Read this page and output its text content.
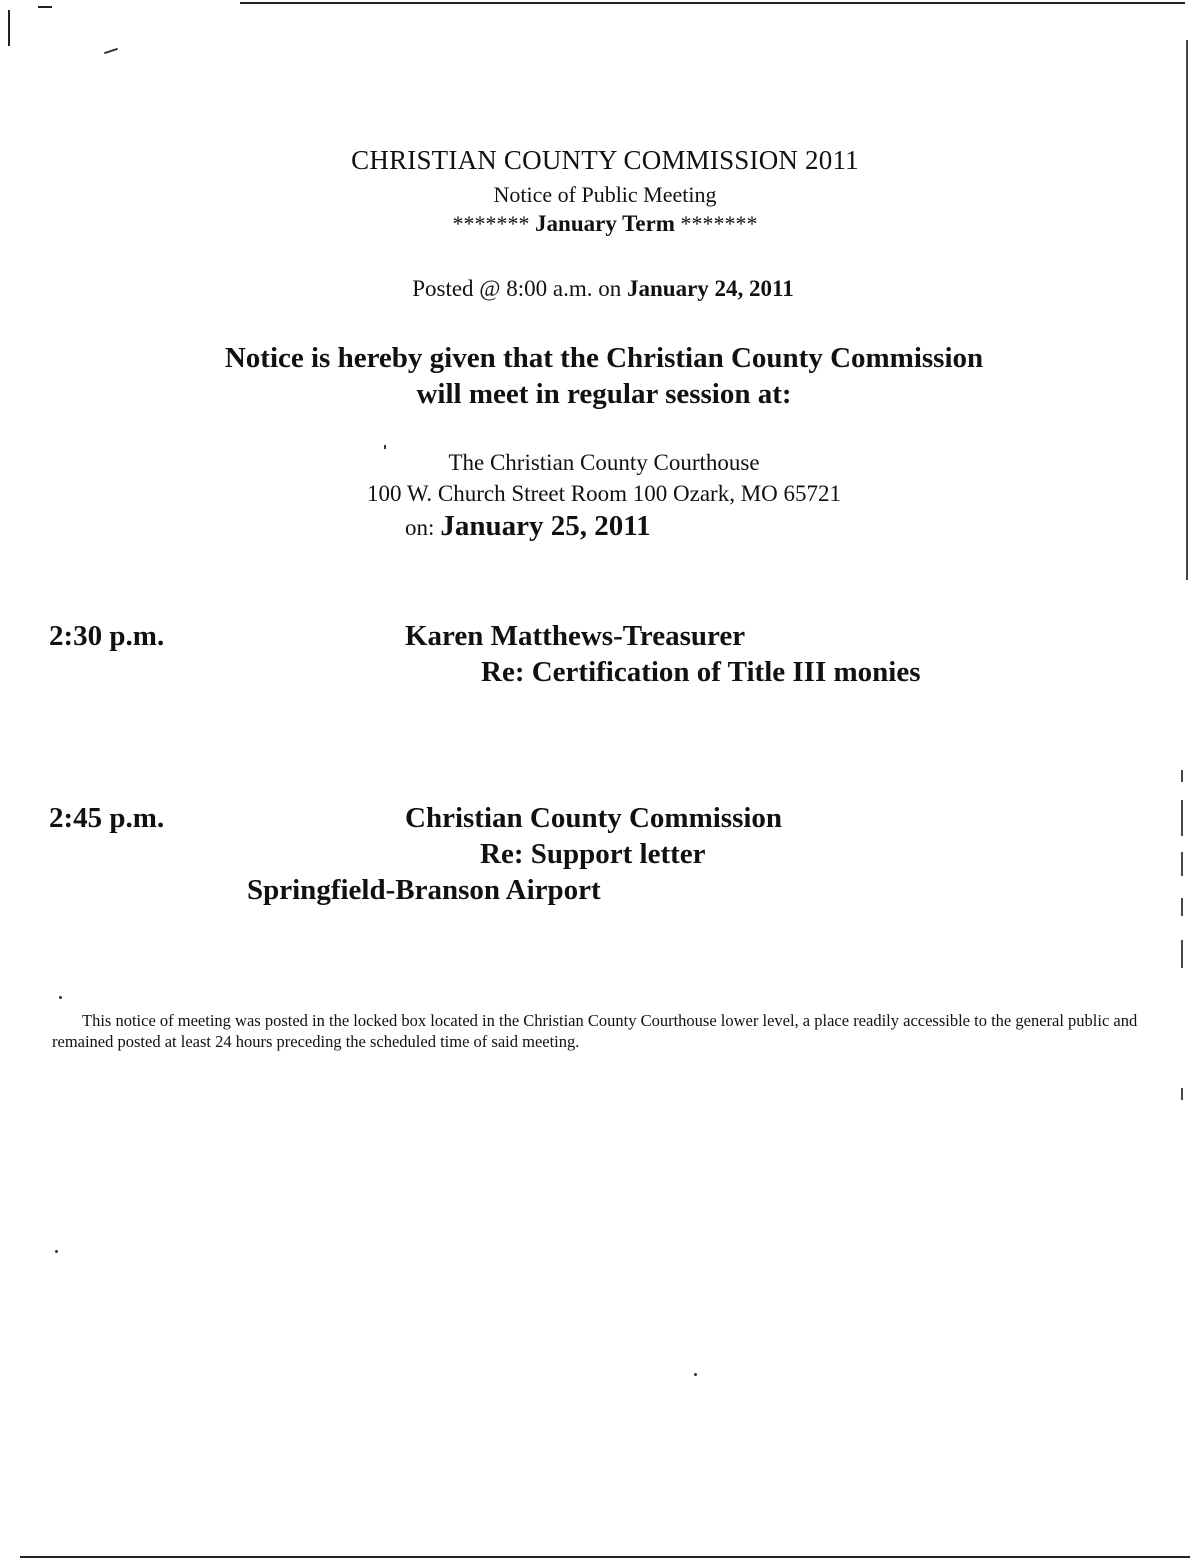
CHRISTIAN COUNTY COMMISSION 2011
Notice of Public Meeting
******* January Term *******
Posted @ 8:00 a.m. on January 24, 2011
Notice is hereby given that the Christian County Commission
will meet in regular session at:
The Christian County Courthouse
100 W. Church Street Room 100 Ozark, MO 65721
on: January 25, 2011
2:30 p.m.	Karen Matthews-Treasurer
Re: Certification of Title III monies
2:45 p.m.	Christian County Commission
Re: Support letter
Springfield-Branson Airport
This notice of meeting was posted in the locked box located in the Christian County Courthouse lower level, a place readily accessible to the general public and remained posted at least 24 hours preceding the scheduled time of said meeting.
